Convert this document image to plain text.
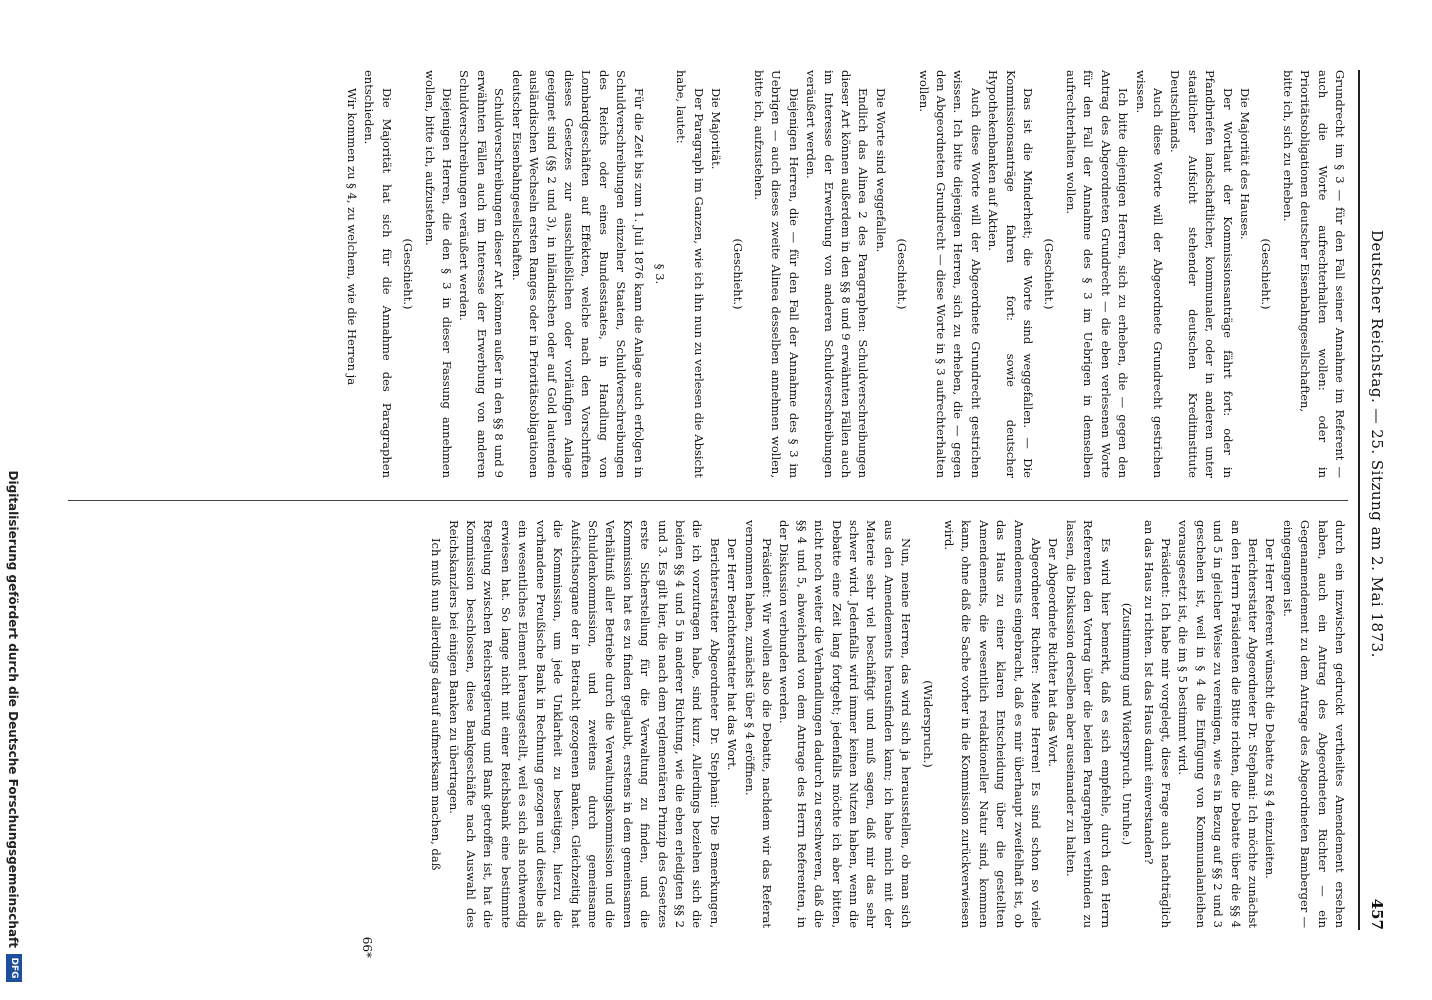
Deutscher Reichstag. — 25. Sitzung am 2. Mai 1873.
457

Grundrecht im § 3 — für den Fall seiner Annahme im Referent — auch die Worte aufrechterhalten wollen: oder in Prioritätsobligationen deutscher Eisenbahngesellschaften,

bitte ich, sich zu erheben.

(Geschieht.)

Die Majorität des Hauses.

Der Wortlaut der Kommissionsanträge fährt fort: oder in Pfandbriefen landschaftlicher, kommunaler, oder in anderen unter staatlicher Aufsicht stehender deutschen Kreditinstitute Deutschlands.

Auch diese Worte will der Abgeordnete Grundrecht gestrichen wissen.

Ich bitte diejenigen Herren, sich zu erheben, die — gegen den Antrag des Abgeordneten Grundrecht — die eben verlesenen Worte für den Fall der Annahme des § 3 im Uebrigen in demselben aufrechterhalten wollen.

(Geschieht.)

Das ist die Minderheit; die Worte sind weggefallen. — Die Kommissionsanträge fahren fort: sowie deutscher Hypothekenbanken auf Aktien.

Auch diese Worte will der Abgeordnete Grundrecht gestrichen wissen. Ich bitte diejenigen Herren, sich zu erheben, die — gegen den Abgeordneten Grundrecht — diese Worte in § 3 aufrechterhalten wollen.

(Geschieht.)

Die Worte sind weggefallen.

Endlich das Alinea 2 des Paragraphen: Schuldverschreibungen dieser Art können außerdem in den §§ 8 und 9 erwähnten Fällen auch im Interesse der Erwerbung von anderen Schuldverschreibungen veräußert werden.

Diejenigen Herren, die — für den Fall der Annahme des § 3 im Uebrigen — auch dieses zweite Alinea desselben annehmen wollen, bitte ich, aufzustehen.

(Geschieht.)

Die Majorität.

Der Paragraph im Ganzen, wie ich ihn nun zu verlesen die Absicht habe, lautet:

§ 3.

Für die Zeit bis zum 1. Juli 1876 kann die Anlage auch erfolgen in Schuldverschreibungen einzelner Staaten, Schuldverschreibungen des Reichs oder eines Bundesstaates, in Handlung von Lombardgeschäften auf Effekten, welche nach den Vorschriften dieses Gesetzes zur ausschließlichen oder vorläufigen Anlage geeignet sind (§§ 2 und 3), in inländischen oder auf Gold lautenden ausländischen Wechseln ersten Ranges oder in Prioritätsobligationen deutscher Eisenbahngesellschaften.

Schuldverschreibungen dieser Art können außer in den §§ 8 und 9 erwähnten Fällen auch im Interesse der Erwerbung von anderen Schuldverschreibungen veräußert werden.

Diejenigen Herren, die den § 3 in dieser Fassung annehmen wollen, bitte ich, aufzustehen.

(Geschieht.)

Die Majorität hat sich für die Annahme des Paragraphen entschieden.

Wir kommen zu § 4, zu welchem, wie die Herren ja

durch ein inzwischen gedruckt vertheiltes Amendement ersehen haben, auch ein Antrag des Abgeordneten Richter — ein Gegenamendement zu dem Antrage des Abgeordneten Bamberger — eingegangen ist.

Der Herr Referent wünscht die Debatte zu § 4 einzuleiten.

Berichterstatter Abgeordneter Dr. Stephani: Ich möchte zunächst an den Herrn Präsidenten die Bitte richten, die Debatte über die §§ 4 und 5 in gleicher Weise zu vereinigen, wie es in Bezug auf §§ 2 und 3 geschehen ist, weil in § 4 die Einfügung von Kommunalanleihen vorausgesetzt ist, die im § 5 bestimmt wird.

Präsident: Ich habe mir vorgelegt, diese Frage auch nachträglich an das Haus zu richten. Ist das Haus damit einverstanden?

(Zustimmung und Widerspruch. Unruhe.)

Es wird hier bemerkt, daß es sich empfehle, durch den Herrn Referenten den Vortrag über die beiden Paragraphen verbinden zu lassen, die Diskussion derselben aber auseinander zu halten.

Der Abgeordnete Richter hat das Wort.

Abgeordneter Richter: Meine Herren! Es sind schon so viele Amendements eingebracht, daß es mir überhaupt zweifelhaft ist, ob das Haus zu einer klaren Entscheidung über die gestellten Amendements, die wesentlich redaktioneller Natur sind, kommen kann, ohne daß die Sache vorher in die Kommission zurückverwiesen wird.

(Widerspruch.)

Nun, meine Herren, das wird sich ja herausstellen, ob man sich aus den Amendements herausfinden kann; ich habe mich mit der Materie sehr viel beschäftigt und muß sagen, daß mir das sehr schwer wird. Jedenfalls wird immer keinen Nutzen haben, wenn die Debatte eine Zeit lang fortgeht; jedenfalls möchte ich aber bitten, nicht noch weiter die Verhandlungen dadurch zu erschweren, daß die §§ 4 und 5, abweichend von dem Antrage des Herrn Referenten, in der Diskussion verbunden werden.

Präsident: Wir wollen also die Debatte, nachdem wir das Referat vernommen haben, zunächst über § 4 eröffnen.

Der Herr Berichterstatter hat das Wort.

Berichterstatter Abgeordneter Dr. Stephani: Die Bemerkungen, die ich vorzutragen habe, sind kurz. Allerdings beziehen sich die beiden §§ 4 und 5 in anderer Richtung, wie die eben erledigten §§ 2 und 3. Es gilt hier, die nach dem reglementären Prinzip des Gesetzes erste Sicherstellung für die Verwaltung zu finden, und die Kommission hat es zu finden geglaubt, erstens in dem gemeinsamen Verhältniß aller Betriebe durch die Verwaltungskommission und die Schuldenkommission, und zweitens durch gemeinsame Aufsichtsorgane der in Betracht gezogenen Banken. Gleichzeitig hat die Kommission, um jede Unklarheit zu beseitigen, hierzu die vorhandene Preußische Bank in Rechnung gezogen und dieselbe als ein wesentliches Element herausgestellt, weil es sich als nothwendig erwiesen hat. So lange nicht mit einer Reichsbank eine bestimmte Regelung zwischen Reichsregierung und Bank getroffen ist, hat die Kommission beschlossen, diese Bankgeschäfte nach Auswahl des Reichskanzlers bei einigen Banken zu übertragen.

Ich muß nun allerdings darauf aufmerksam machen, daß

66*
Digitalisierung gefördert durch die Deutsche Forschungsgemeinschaft
DFG
